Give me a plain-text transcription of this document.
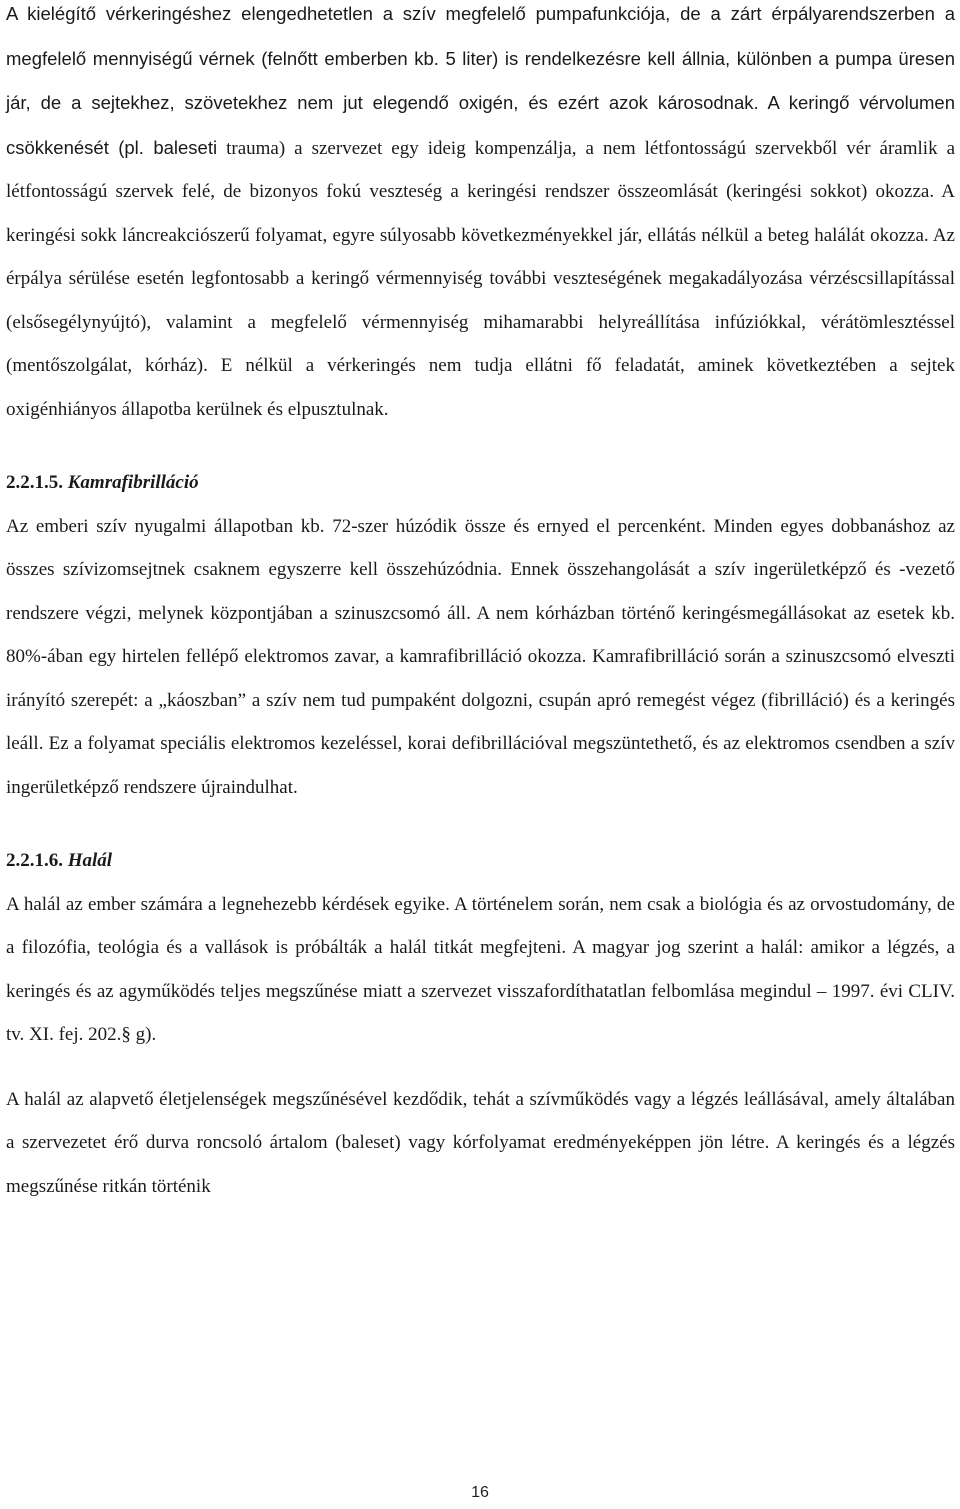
A kielégítő vérkeringéshez elengedhetetlen a szív megfelelő pumpafunkciója, de a zárt érpályarendszerben a megfelelő mennyiségű vérnek (felnőtt emberben kb. 5 liter) is rendelkezésre kell állnia, különben a pumpa üresen jár, de a sejtekhez, szövetekhez nem jut elegendő oxigén, és ezért azok károsodnak. A keringő vérvolumen csökkenését (pl. baleseti trauma) a szervezet egy ideig kompenzálja, a nem létfontosságú szervekből vér áramlik a létfontosságú szervek felé, de bizonyos fokú veszteség a keringési rendszer összeomlását (keringési sokkot) okozza. A keringési sokk láncreakciószerű folyamat, egyre súlyosabb következményekkel jár, ellátás nélkül a beteg halálát okozza. Az érpálya sérülése esetén legfontosabb a keringő vérmennyiség további veszteségének megakadályozása vérzéscsillapítással (elsősegélynyújtó), valamint a megfelelő vérmennyiség mihamarabbi helyreállítása infúziókkal, vérátömlesztéssel (mentőszolgálat, kórház). E nélkül a vérkeringés nem tudja ellátni fő feladatát, aminek következtében a sejtek oxigénhiányos állapotba kerülnek és elpusztulnak.

2.2.1.5. Kamrafibrilláció

Az emberi szív nyugalmi állapotban kb. 72-szer húzódik össze és ernyed el percenként. Minden egyes dobbanáshoz az összes szívizomsejtnek csaknem egyszerre kell összehúzódnia. Ennek összehangolását a szív ingerületképző és -vezető rendszere végzi, melynek központjában a szinuszcsomó áll. A nem kórházban történő keringésmegállásokat az esetek kb. 80%-ában egy hirtelen fellépő elektromos zavar, a kamrafibrilláció okozza. Kamrafibrilláció során a szinuszcsomó elveszti irányító szerepét: a „káoszban” a szív nem tud pumpaként dolgozni, csupán apró remegést végez (fibrilláció) és a keringés leáll. Ez a folyamat speciális elektromos kezeléssel, korai defibrillációval megszüntethető, és az elektromos csendben a szív ingerületképző rendszere újraindulhat.

2.2.1.6. Halál

A halál az ember számára a legnehezebb kérdések egyike. A történelem során, nem csak a biológia és az orvostudomány, de a filozófia, teológia és a vallások is próbálták a halál titkát megfejteni. A magyar jog szerint a halál: amikor a légzés, a keringés és az agyműködés teljes megszűnése miatt a szervezet visszafordíthatatlan felbomlása megindul – 1997. évi CLIV. tv. XI. fej. 202.§ g).

A halál az alapvető életjelenségek megszűnésével kezdődik, tehát a szívműködés vagy a légzés leállásával, amely általában a szervezetet érő durva roncsoló ártalom (baleset) vagy kórfolyamat eredményeképpen jön létre. A keringés és a légzés megszűnése ritkán történik

16
